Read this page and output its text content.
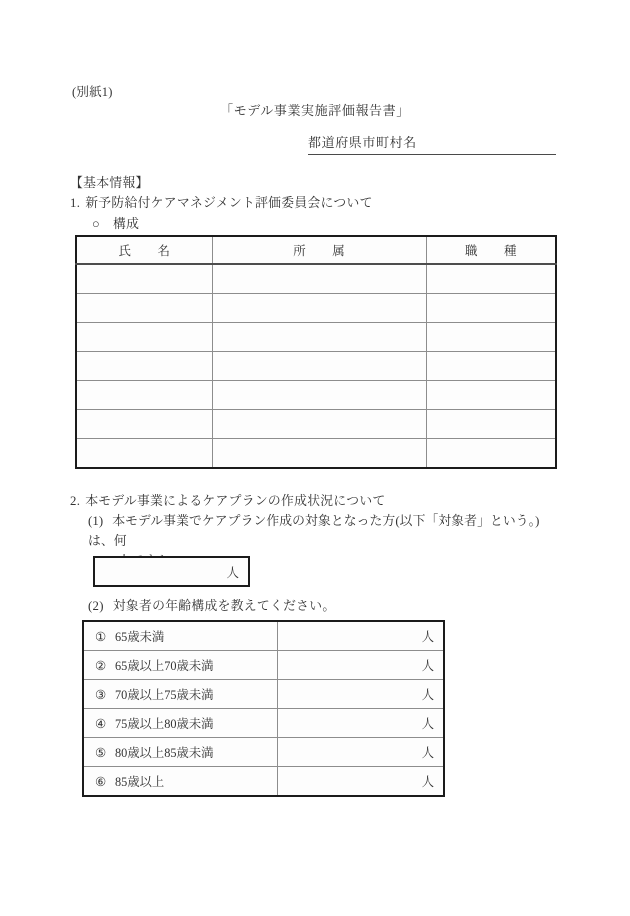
(別紙1)
「モデル事業実施評価報告書」
都道府県市町村名
【基本情報】
1. 新予防給付ケアマネジメント評価委員会について
○ 構成
氏　名	所　属	職　種

2. 本モデル事業によるケアプランの作成状況について
(1) 本モデル事業でケアプラン作成の対象となった方(以下「対象者」という。)は、何
人
(2) 対象者の年齢構成を教えてください。
① 65歳未満	人
② 65歳以上70歳未満	人
③ 70歳以上75歳未満	人
④ 75歳以上80歳未満	人
⑤ 80歳以上85歳未満	人
⑥ 85歳以上	人
